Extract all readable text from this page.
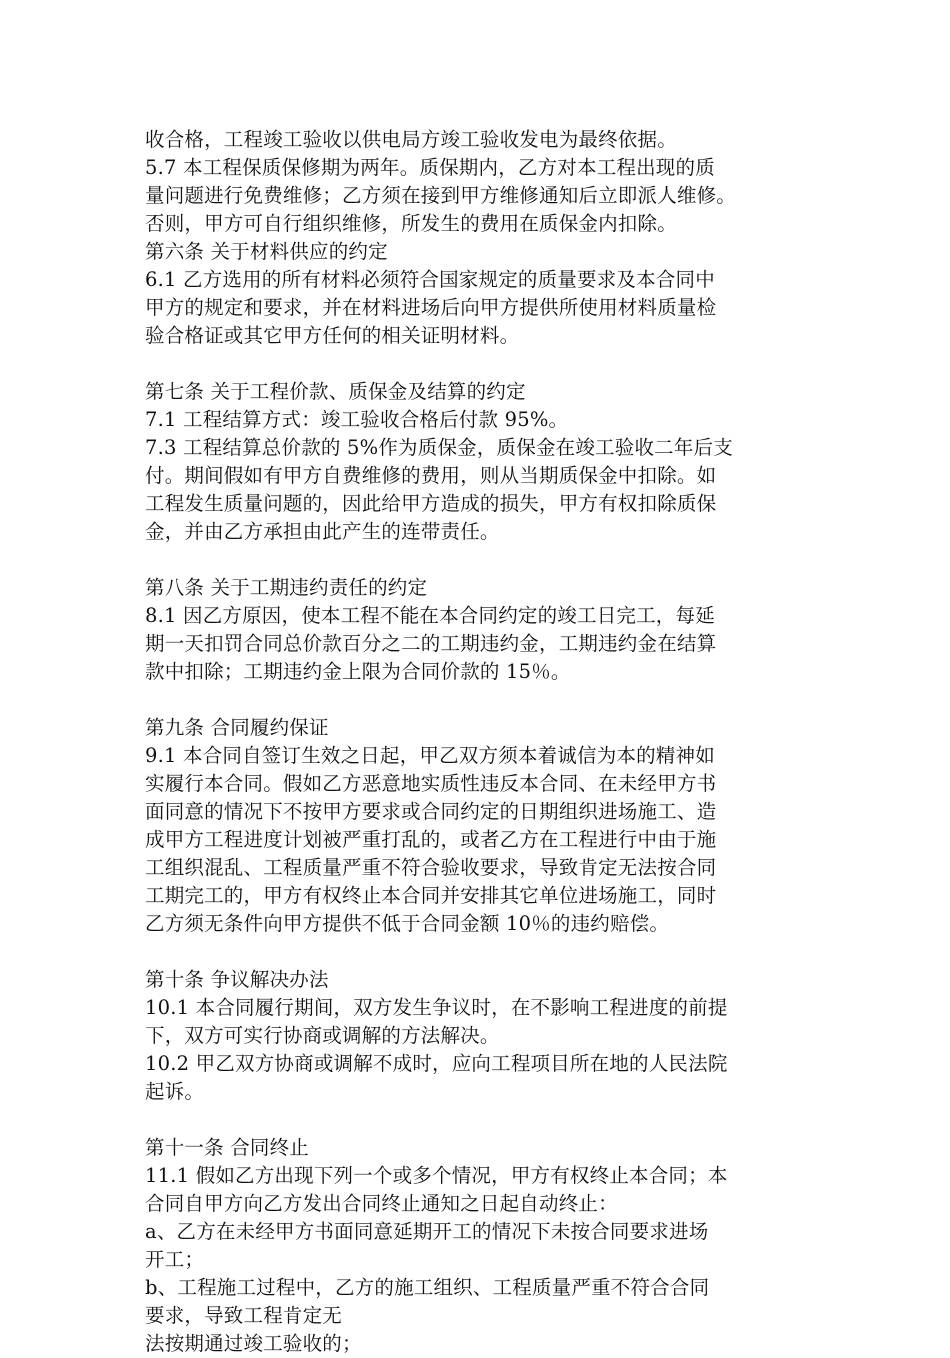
收合格，工程竣工验收以供电局方竣工验收发电为最终依据。
5.7 本工程保质保修期为两年。质保期内，乙方对本工程出现的质
量问题进行免费维修；乙方须在接到甲方维修通知后立即派人维修。
否则，甲方可自行组织维修，所发生的费用在质保金内扣除。
第六条 关于材料供应的约定
6.1 乙方选用的所有材料必须符合国家规定的质量要求及本合同中
甲方的规定和要求，并在材料进场后向甲方提供所使用材料质量检
验合格证或其它甲方任何的相关证明材料。
第七条 关于工程价款、质保金及结算的约定
7.1 工程结算方式：竣工验收合格后付款 95%。
7.3 工程结算总价款的 5%作为质保金，质保金在竣工验收二年后支
付。期间假如有甲方自费维修的费用，则从当期质保金中扣除。如
工程发生质量问题的，因此给甲方造成的损失，甲方有权扣除质保
金，并由乙方承担由此产生的连带责任。
第八条 关于工期违约责任的约定
8.1 因乙方原因，使本工程不能在本合同约定的竣工日完工，每延
期一天扣罚合同总价款百分之二的工期违约金，工期违约金在结算
款中扣除；工期违约金上限为合同价款的 15％。
第九条 合同履约保证
9.1 本合同自签订生效之日起，甲乙双方须本着诚信为本的精神如
实履行本合同。假如乙方恶意地实质性违反本合同、在未经甲方书
面同意的情况下不按甲方要求或合同约定的日期组织进场施工、造
成甲方工程进度计划被严重打乱的，或者乙方在工程进行中由于施
工组织混乱、工程质量严重不符合验收要求，导致肯定无法按合同
工期完工的，甲方有权终止本合同并安排其它单位进场施工，同时
乙方须无条件向甲方提供不低于合同金额 10％的违约赔偿。
第十条 争议解决办法
10.1 本合同履行期间，双方发生争议时，在不影响工程进度的前提
下，双方可实行协商或调解的方法解决。
10.2 甲乙双方协商或调解不成时，应向工程项目所在地的人民法院
起诉。
第十一条 合同终止
11.1 假如乙方出现下列一个或多个情况，甲方有权终止本合同；本
合同自甲方向乙方发出合同终止通知之日起自动终止：
a、乙方在未经甲方书面同意延期开工的情况下未按合同要求进场
开工；
b、工程施工过程中，乙方的施工组织、工程质量严重不符合合同
要求，导致工程肯定无
法按期通过竣工验收的；
